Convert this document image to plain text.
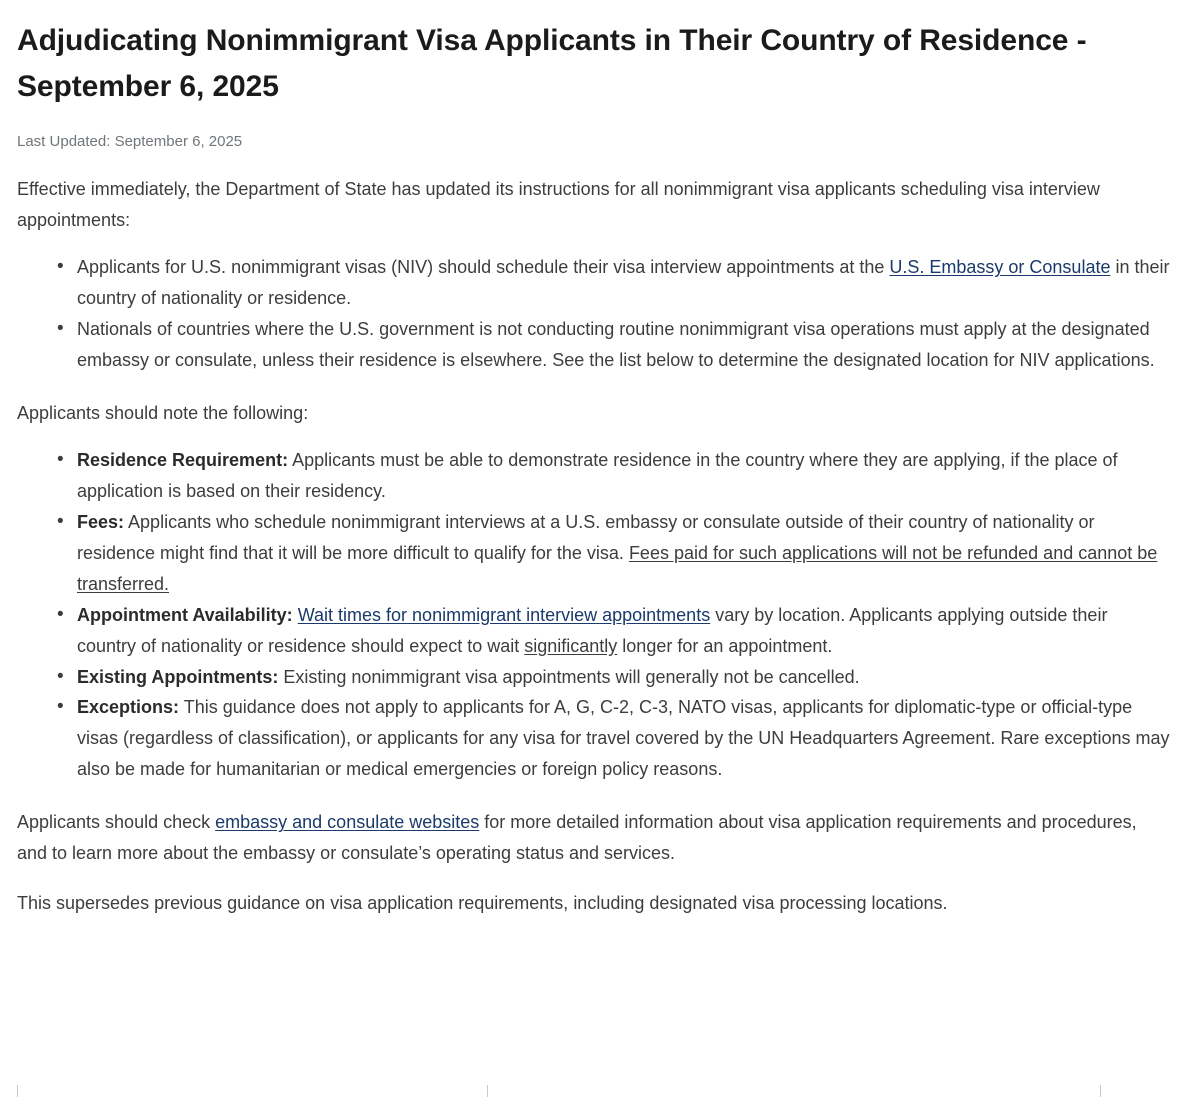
Adjudicating Nonimmigrant Visa Applicants in Their Country of Residence - September 6, 2025

Last Updated: September 6, 2025

Effective immediately, the Department of State has updated its instructions for all nonimmigrant visa applicants scheduling visa interview appointments:

• Applicants for U.S. nonimmigrant visas (NIV) should schedule their visa interview appointments at the U.S. Embassy or Consulate in their country of nationality or residence.
• Nationals of countries where the U.S. government is not conducting routine nonimmigrant visa operations must apply at the designated embassy or consulate, unless their residence is elsewhere. See the list below to determine the designated location for NIV applications.

Applicants should note the following:

• Residence Requirement: Applicants must be able to demonstrate residence in the country where they are applying, if the place of application is based on their residency.
• Fees: Applicants who schedule nonimmigrant interviews at a U.S. embassy or consulate outside of their country of nationality or residence might find that it will be more difficult to qualify for the visa. Fees paid for such applications will not be refunded and cannot be transferred.
• Appointment Availability: Wait times for nonimmigrant interview appointments vary by location. Applicants applying outside their country of nationality or residence should expect to wait significantly longer for an appointment.
• Existing Appointments: Existing nonimmigrant visa appointments will generally not be cancelled.
• Exceptions: This guidance does not apply to applicants for A, G, C-2, C-3, NATO visas, applicants for diplomatic-type or official-type visas (regardless of classification), or applicants for any visa for travel covered by the UN Headquarters Agreement. Rare exceptions may also be made for humanitarian or medical emergencies or foreign policy reasons.

Applicants should check embassy and consulate websites for more detailed information about visa application requirements and procedures, and to learn more about the embassy or consulate’s operating status and services.

This supersedes previous guidance on visa application requirements, including designated visa processing locations.
